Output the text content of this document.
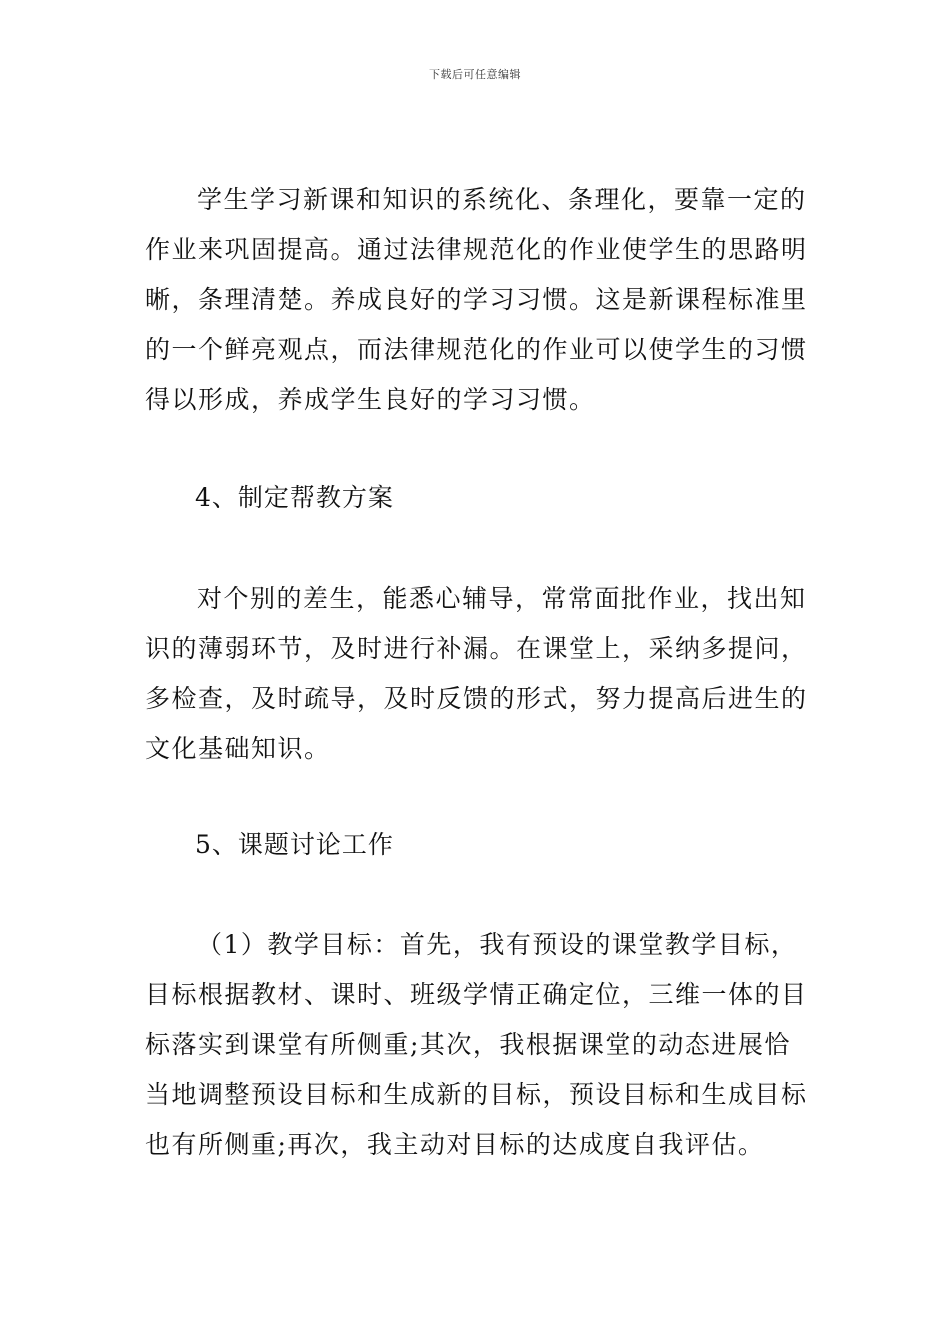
下载后可任意编辑

学生学习新课和知识的系统化、条理化，要靠一定的作业来巩固提高。通过法律规范化的作业使学生的思路明晰，条理清楚。养成良好的学习习惯。这是新课程标准里的一个鲜亮观点，而法律规范化的作业可以使学生的习惯得以形成，养成学生良好的学习习惯。

4、制定帮教方案

对个别的差生，能悉心辅导，常常面批作业，找出知识的薄弱环节，及时进行补漏。在课堂上，采纳多提问，多检查，及时疏导，及时反馈的形式，努力提高后进生的文化基础知识。

5、课题讨论工作

（1）教学目标：首先，我有预设的课堂教学目标，目标根据教材、课时、班级学情正确定位，三维一体的目标落实到课堂有所侧重;其次，我根据课堂的动态进展恰当地调整预设目标和生成新的目标，预设目标和生成目标也有所侧重;再次，我主动对目标的达成度自我评估。
